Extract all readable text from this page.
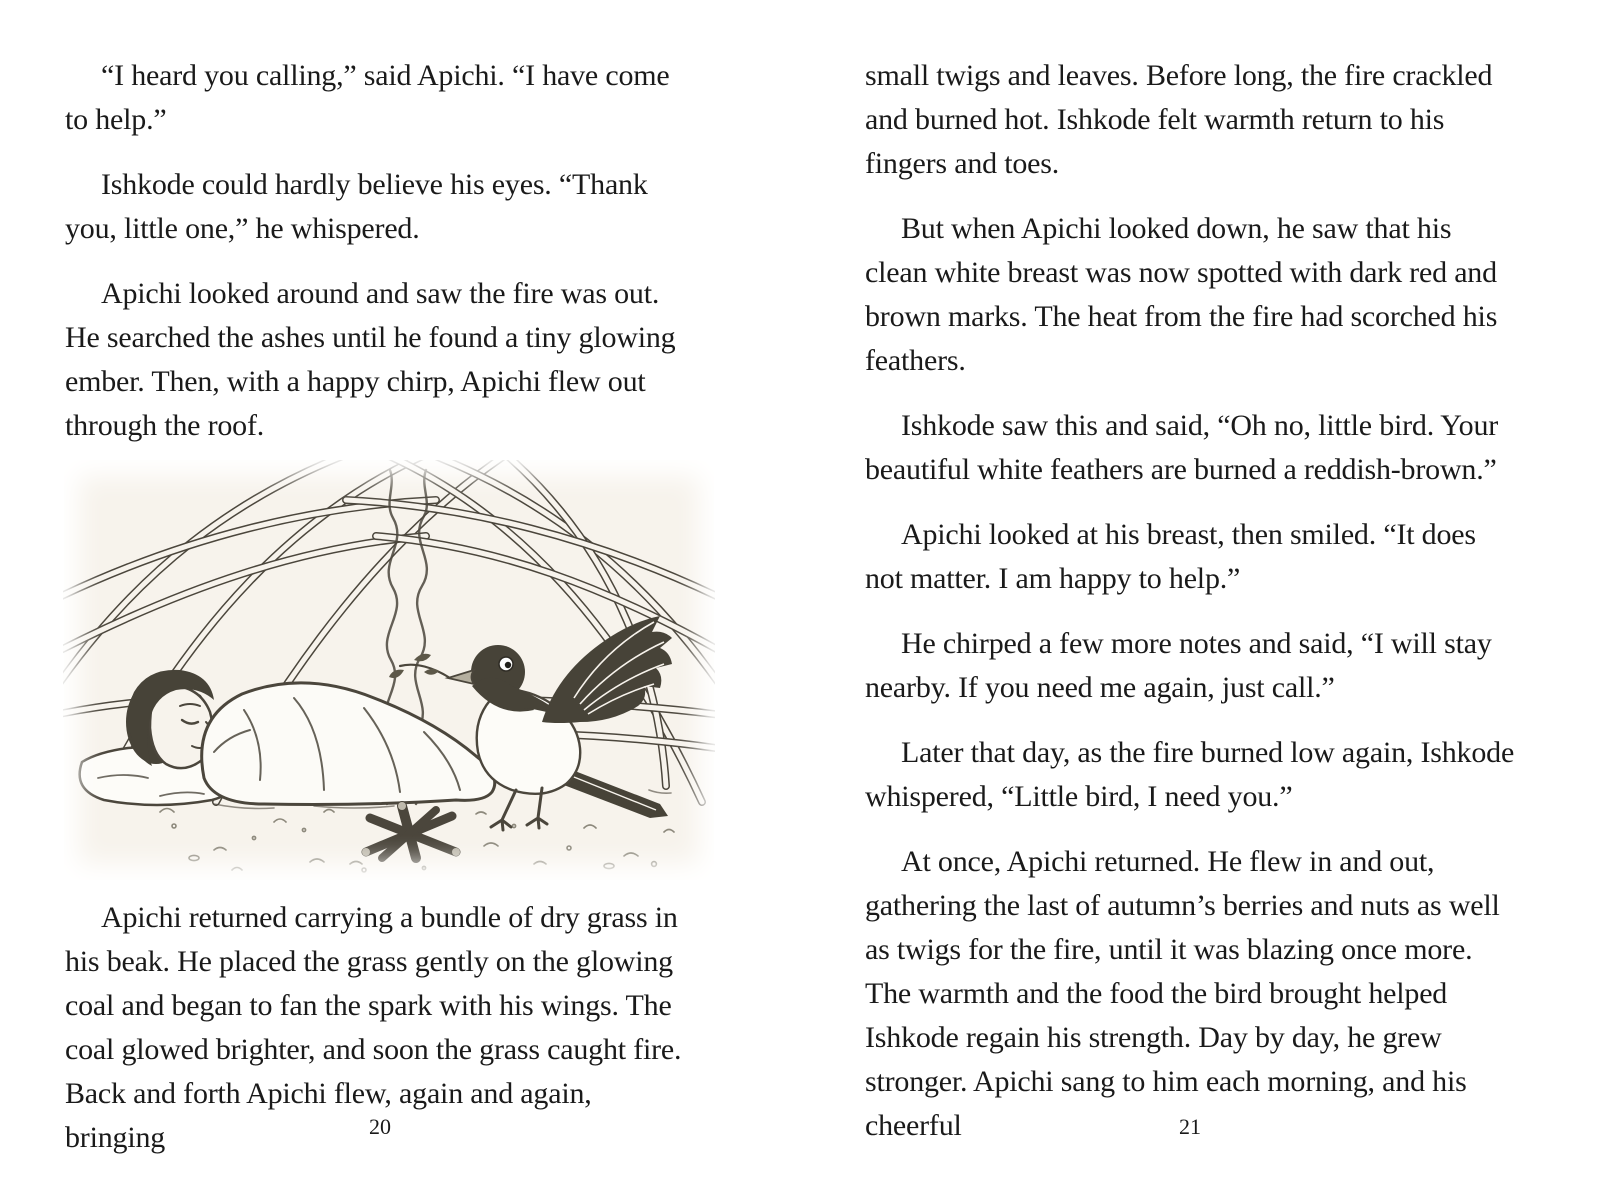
“I heard you calling,” said Apichi. “I have come to help.”

Ishkode could hardly believe his eyes. “Thank you, little one,” he whispered.

Apichi looked around and saw the fire was out. He searched the ashes until he found a tiny glowing ember. Then, with a happy chirp, Apichi flew out through the roof.

Apichi returned carrying a bundle of dry grass in his beak. He placed the grass gently on the glowing coal and began to fan the spark with his wings. The coal glowed brighter, and soon the grass caught fire. Back and forth Apichi flew, again and again, bringing

small twigs and leaves. Before long, the fire crackled and burned hot. Ishkode felt warmth return to his fingers and toes.

But when Apichi looked down, he saw that his clean white breast was now spotted with dark red and brown marks. The heat from the fire had scorched his feathers.

Ishkode saw this and said, “Oh no, little bird. Your beautiful white feathers are burned a reddish-brown.”

Apichi looked at his breast, then smiled. “It does not matter. I am happy to help.”

He chirped a few more notes and said, “I will stay nearby. If you need me again, just call.”

Later that day, as the fire burned low again, Ishkode whispered, “Little bird, I need you.”

At once, Apichi returned. He flew in and out, gathering the last of autumn’s berries and nuts as well as twigs for the fire, until it was blazing once more. The warmth and the food the bird brought helped Ishkode regain his strength. Day by day, he grew stronger. Apichi sang to him each morning, and his cheerful

20	21
